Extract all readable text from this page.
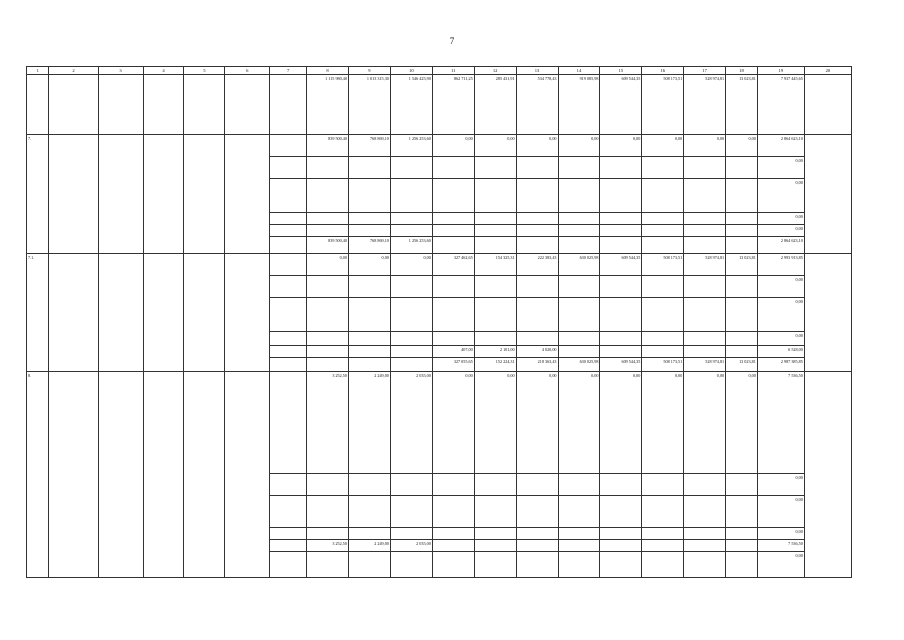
7
1	2	3	4	5	6	7	8	9	10	11	12	13	14	15	16	17	18	19	20
							1 115 980,40	1 013 315,30	1 546 425,90	862 711,25	285 431,91	534 778,43	919 085,98	609 544,35	508 173,51	528 974,81	13 023,81	7 937 445,65	
7.							839 500,40	768 869,10	1 256 253,60	0,00	0,00	0,00	0,00	0,00	0,00	0,00	0,00	2 864 623,10	
																		0,00	
																		0,00	
																		0,00	
																		0,00	
							839 500,40	768 869,10	1 256 253,60									2 864 623,10	
7.1.							0,00	0,00	0,00	327 462,65	154 325,31	222 383,43	630 025,98	609 544,35	508 173,51	528 974,81	13 023,81	2 993 913,85	
																		0,00	
																		0,00	
																		0,00	
										407,00	2 101,00	4 020,00						6 528,00	
										327 055,65	152 224,31	218 363,43	630 025,98	609 544,35	508 173,51	528 974,81	13 023,81	2 987 385,85	
8.							3 252,50	2 249,00	2 035,00	0,00	0,00	0,00	0,00	0,00	0,00	0,00	0,00	7 536,50	
																		0,00	
																		0,00	
																		0,00	
							3 252,50	2 249,00	2 035,00									7 536,50	
																		0,00	
